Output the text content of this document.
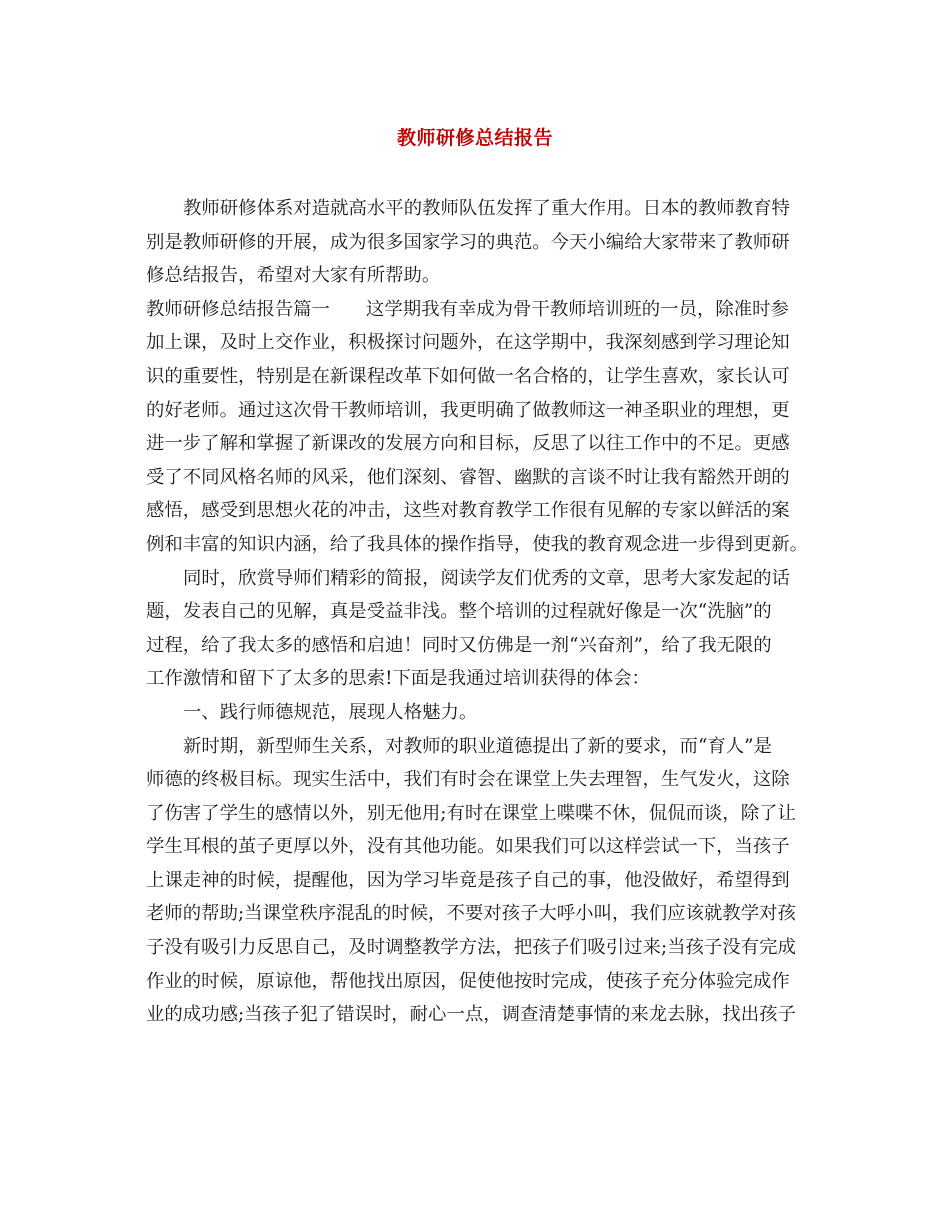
教师研修总结报告
教师研修体系对造就高水平的教师队伍发挥了重大作用。日本的教师教育特
别是教师研修的开展，成为很多国家学习的典范。今天小编给大家带来了教师研
修总结报告，希望对大家有所帮助。
教师研修总结报告篇一 这学期我有幸成为骨干教师培训班的一员，除准时参
加上课，及时上交作业，积极探讨问题外，在这学期中，我深刻感到学习理论知
识的重要性，特别是在新课程改革下如何做一名合格的，让学生喜欢，家长认可
的好老师。通过这次骨干教师培训，我更明确了做教师这一神圣职业的理想，更
进一步了解和掌握了新课改的发展方向和目标，反思了以往工作中的不足。更感
受了不同风格名师的风采，他们深刻、睿智、幽默的言谈不时让我有豁然开朗的
感悟，感受到思想火花的冲击，这些对教育教学工作很有见解的专家以鲜活的案
例和丰富的知识内涵，给了我具体的操作指导，使我的教育观念进一步得到更新。
同时，欣赏导师们精彩的简报，阅读学友们优秀的文章，思考大家发起的话
题，发表自己的见解，真是受益非浅。整个培训的过程就好像是一次“洗脑”的
过程，给了我太多的感悟和启迪！同时又仿佛是一剂“兴奋剂”，给了我无限的
工作激情和留下了太多的思索!下面是我通过培训获得的体会：
一、践行师德规范，展现人格魅力。
新时期，新型师生关系，对教师的职业道德提出了新的要求，而“育人”是
师德的终极目标。现实生活中，我们有时会在课堂上失去理智，生气发火，这除
了伤害了学生的感情以外，别无他用;有时在课堂上喋喋不休，侃侃而谈，除了让
学生耳根的茧子更厚以外，没有其他功能。如果我们可以这样尝试一下，当孩子
上课走神的时候，提醒他，因为学习毕竟是孩子自己的事，他没做好，希望得到
老师的帮助;当课堂秩序混乱的时候，不要对孩子大呼小叫，我们应该就教学对孩
子没有吸引力反思自己，及时调整教学方法，把孩子们吸引过来;当孩子没有完成
作业的时候，原谅他，帮他找出原因，促使他按时完成，使孩子充分体验完成作
业的成功感;当孩子犯了错误时，耐心一点，调查清楚事情的来龙去脉，找出孩子
